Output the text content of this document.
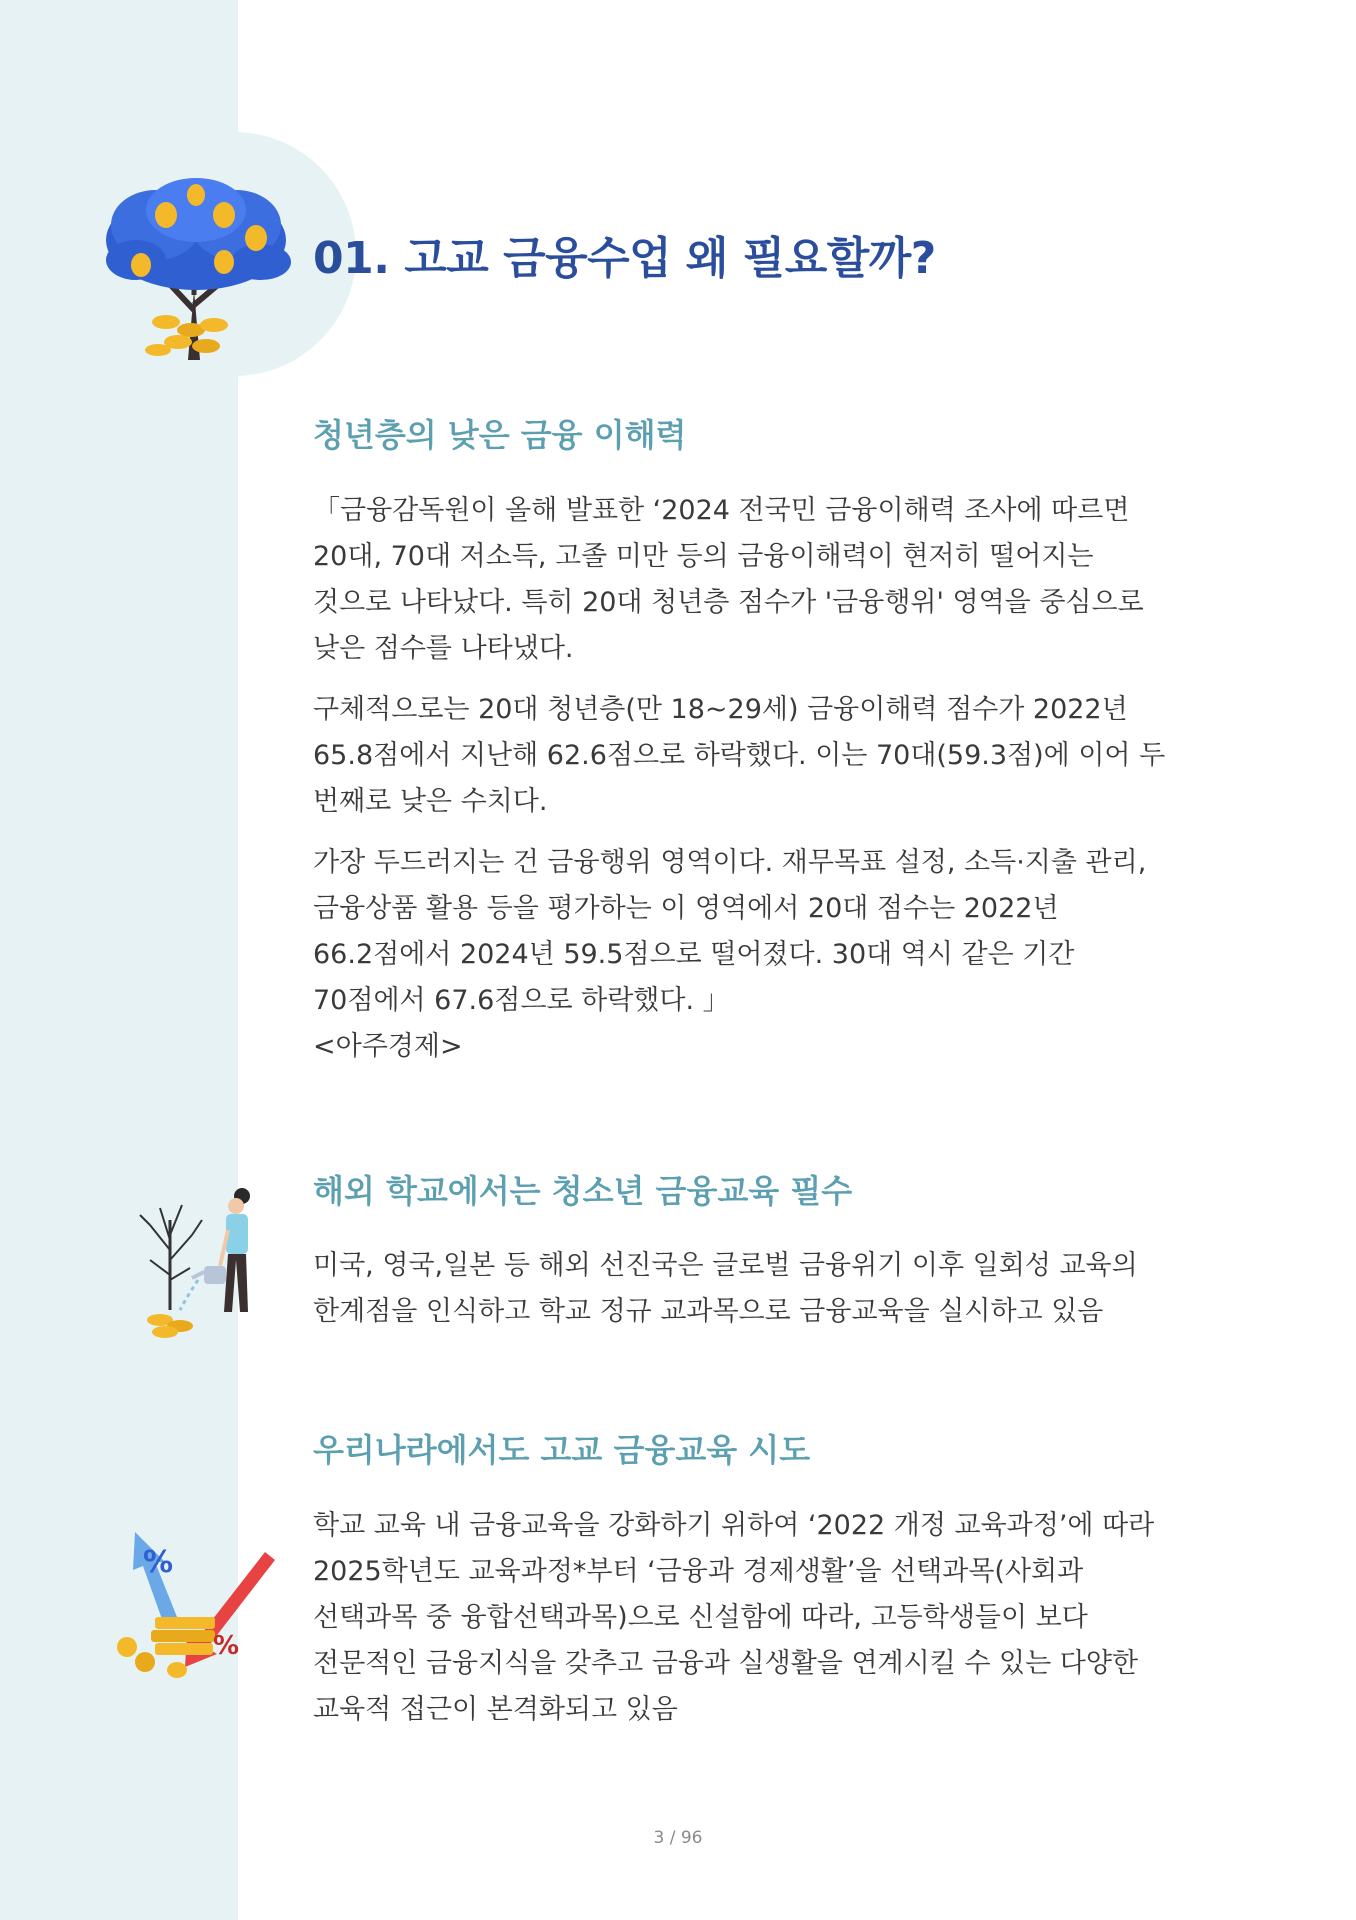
%
%
01. 고교 금융수업 왜 필요할까?
청년층의 낮은 금융 이해력

「금융감독원이 올해 발표한 ‘2024 전국민 금융이해력 조사에 따르면
20대, 70대 저소득, 고졸 미만 등의 금융이해력이 현저히 떨어지는
것으로 나타났다. 특히 20대 청년층 점수가 '금융행위' 영역을 중심으로
낮은 점수를 나타냈다.

구체적으로는 20대 청년층(만 18~29세) 금융이해력 점수가 2022년
65.8점에서 지난해 62.6점으로 하락했다. 이는 70대(59.3점)에 이어 두
번째로 낮은 수치다.

가장 두드러지는 건 금융행위 영역이다. 재무목표 설정, 소득·지출 관리,
금융상품 활용 등을 평가하는 이 영역에서 20대 점수는 2022년
66.2점에서 2024년 59.5점으로 떨어졌다. 30대 역시 같은 기간
70점에서 67.6점으로 하락했다. 」
<아주경제>

해외 학교에서는 청소년 금융교육 필수

미국, 영국,일본 등 해외 선진국은 글로벌 금융위기 이후 일회성 교육의
한계점을 인식하고 학교 정규 교과목으로 금융교육을 실시하고 있음

우리나라에서도 고교 금융교육 시도

학교 교육 내 금융교육을 강화하기 위하여 ‘2022 개정 교육과정’에 따라
2025학년도 교육과정*부터 ‘금융과 경제생활’을 선택과목(사회과
선택과목 중 융합선택과목)으로 신설함에 따라, 고등학생들이 보다
전문적인 금융지식을 갖추고 금융과 실생활을 연계시킬 수 있는 다양한
교육적 접근이 본격화되고 있음

3 / 96
